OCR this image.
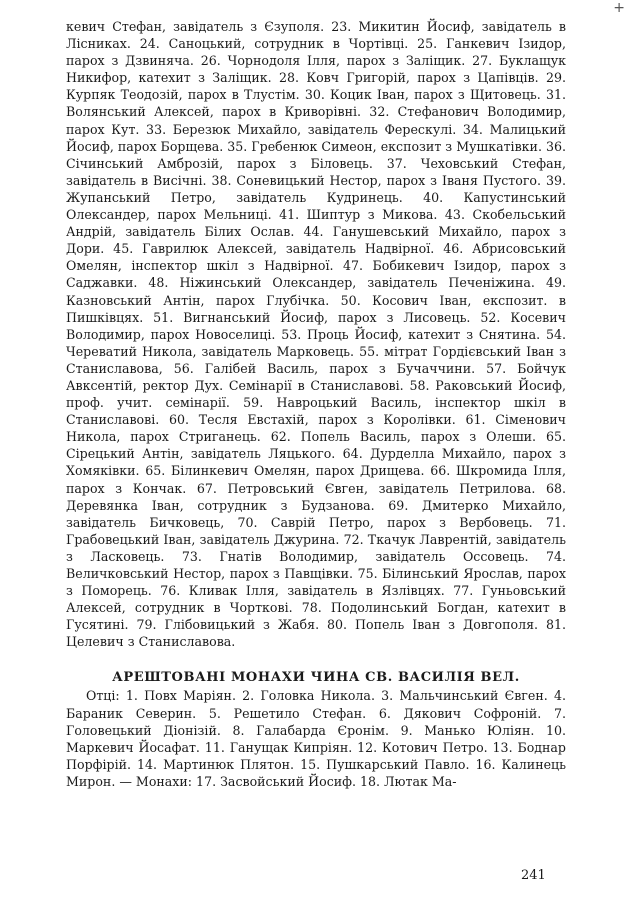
+

кевич Стефан, завідатель з Єзуполя. 23. Микитин Йосиф, завідатель в Лісниках. 24. Саноцький, сотрудник в Чортівці. 25. Ганкевич Ізидор, парох з Дзвиняча. 26. Чорнодоля Ілля, парох з Заліщик. 27. Буклащук Никифор, катехит з Заліщик. 28. Ковч Григорій, парох з Цапівців. 29. Курпяк Теодозій, парох в Тлустім. 30. Коцик Іван, парох з Щитовець. 31. Волянський Алексей, парох в Криворівні. 32. Стефанович Володимир, парох Кут. 33. Березюк Михайло, завідатель Ферескулі. 34. Малицький Йосиф, парох Борщева. 35. Гребенюк Симеон, експозит з Мушкатівки. 36. Січинський Амброзій, парох з Біловець. 37. Чеховський Стефан, завідатель в Висічні. 38. Соневицький Нестор, парох з Іваня Пустого. 39. Жупанський Петро, завідатель Кудринець. 40. Капустинський Олександер, парох Мельниці. 41. Шиптур з Микова. 43. Скобельський Андрій, завідатель Білих Ослав. 44. Ганушевський Михайло, парох з Дори. 45. Гаврилюк Алексей, завідатель Надвірної. 46. Абрисовський Омелян, інспектор шкіл з Надвірної. 47. Бобикевич Ізидор, парох з Саджавки. 48. Ніжинський Олександер, завідатель Печеніжина. 49. Казновський Антін, парох Глубічка. 50. Косович Іван, експозит. в Пишківцях. 51. Вигнанський Йосиф, парох з Лисовець. 52. Косевич Володимир, парох Новоселиці. 53. Проць Йосиф, катехит з Снятина. 54. Череватий Никола, завідатель Марковець. 55. мітрат Гордієвський Іван з Станиславова, 56. Галібей Василь, парох з Бучаччини. 57. Бойчук Авксентій, ректор Дух. Семінарії в Станиславові. 58. Раковський Йосиф, проф. учит. семінарії. 59. Навроцький Василь, інспектор шкіл в Станиславові. 60. Тесля Евстахій, парох з Королівки. 61. Сіменович Никола, парох Стриганець. 62. Попель Василь, парох з Олеши. 65. Сірецький Антін, завідатель Ляцького. 64. Дурделла Михайло, парох з Хомяківки. 65. Білинкевич Омелян, парох Дрищева. 66. Шкромида Ілля, парох з Кончак. 67. Петровський Євген, завідатель Петрилова. 68. Деревянка Іван, сотрудник з Будзанова. 69. Дмитерко Михайло, завідатель Бичковець, 70. Саврій Петро, парох з Вербовець. 71. Грабовецький Іван, завідатель Джурина. 72. Ткачук Лаврентій, завідатель з Ласковець. 73. Гнатів Володимир, завідатель Оссовець. 74. Величковський Нестор, парох з Павщівки. 75. Білинський Ярослав, парох з Поморець. 76. Кливак Ілля, завідатель в Язлівцях. 77. Гуньовський Алексей, сотрудник в Чорткові. 78. Подолинський Богдан, катехит в Гусятині. 79. Глібовицький з Жабя. 80. Попель Іван з Довгополя. 81. Целевич з Станиславова.

АРЕШТОВАНІ МОНАХИ ЧИНА СВ. ВАСИЛІЯ ВЕЛ.

Отці: 1. Повх Маріян. 2. Головка Никола. 3. Мальчинський Євген. 4. Бараник Северин. 5. Решетило Стефан. 6. Дякович Софроній. 7. Головецький Діонізій. 8. Галабарда Єронім. 9. Манько Юліян. 10. Маркевич Йосафат. 11. Ганущак Кипріян. 12. Котович Петро. 13. Боднар Порфірій. 14. Мартинюк Плятон. 15. Пушкарський Павло. 16. Калинець Мирон. — Монахи: 17. Засвойський Йосиф. 18. Лютак Ма-

241
